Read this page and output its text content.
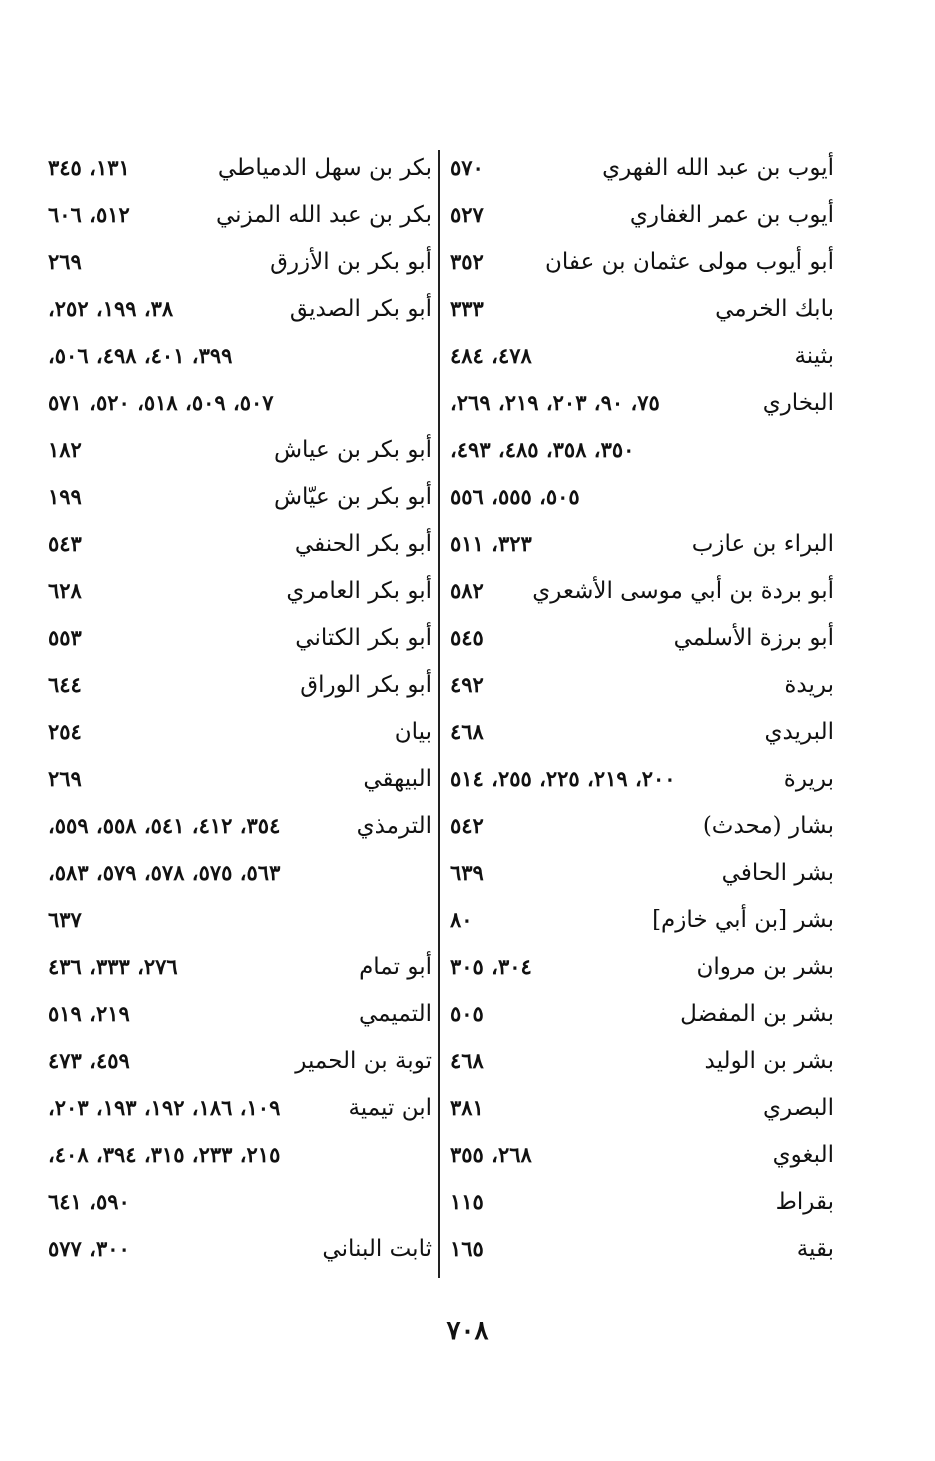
أيوب بن عبد الله الفهري
٥٧٠
أيوب بن عمر الغفاري
٥٢٧
أبو أيوب مولى عثمان بن عفان
٣٥٢
بابك الخرمي
٣٣٣
بثينة
٤٧٨، ٤٨٤
البخاري
٧٥، ٩٠، ٢٠٣، ٢١٩، ٢٦٩،
٣٥٠، ٣٥٨، ٤٨٥، ٤٩٣،
٥٠٥، ٥٥٥، ٥٥٦
البراء بن عازب
٣٢٣، ٥١١
أبو بردة بن أبي موسى الأشعري
٥٨٢
أبو برزة الأسلمي
٥٤٥
بريدة
٤٩٢
البريدي
٤٦٨
بريرة
٢٠٠، ٢١٩، ٢٢٥، ٢٥٥، ٥١٤
بشار (محدث)
٥٤٢
بشر الحافي
٦٣٩
بشر [بن أبي خازم]
٨٠
بشر بن مروان
٣٠٤، ٣٠٥
بشر بن المفضل
٥٠٥
بشر بن الوليد
٤٦٨
البصري
٣٨١
البغوي
٢٦٨، ٣٥٥
بقراط
١١٥
بقية
١٦٥
بكر بن سهل الدمياطي
١٣١، ٣٤٥
بكر بن عبد الله المزني
٥١٢، ٦٠٦
أبو بكر بن الأزرق
٢٦٩
أبو بكر الصديق
٣٨، ١٩٩، ٢٥٢،
٣٩٩، ٤٠١، ٤٩٨، ٥٠٦،
٥٠٧، ٥٠٩، ٥١٨، ٥٢٠، ٥٧١
أبو بكر بن عياش
١٨٢
أبو بكر بن عيّاش
١٩٩
أبو بكر الحنفي
٥٤٣
أبو بكر العامري
٦٢٨
أبو بكر الكتاني
٥٥٣
أبو بكر الوراق
٦٤٤
بيان
٢٥٤
البيهقي
٢٦٩
الترمذي
٣٥٤، ٤١٢، ٥٤١، ٥٥٨، ٥٥٩،
٥٦٣، ٥٧٥، ٥٧٨، ٥٧٩، ٥٨٣،
٦٣٧
أبو تمام
٢٧٦، ٣٣٣، ٤٣٦
التميمي
٢١٩، ٥١٩
توبة بن الحمير
٤٥٩، ٤٧٣
ابن تيمية
١٠٩، ١٨٦، ١٩٢، ١٩٣، ٢٠٣،
٢١٥، ٢٣٣، ٣١٥، ٣٩٤، ٤٠٨،
٥٩٠، ٦٤١
ثابت البناني
٣٠٠، ٥٧٧
٧٠٨
